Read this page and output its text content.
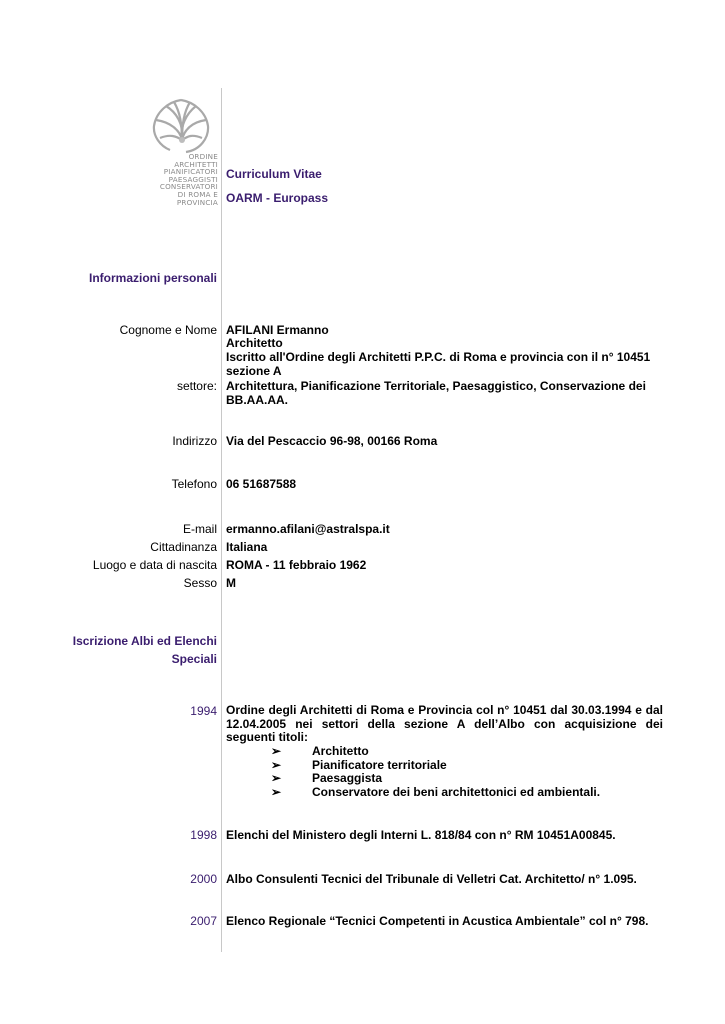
ORDINE
ARCHITETTI
PIANIFICATORI
PAESAGGISTI
CONSERVATORI
DI ROMA E
PROVINCIA
Curriculum Vitae
OARM - Europass
Informazioni personali
Cognome e Nome AFILANI Ermanno
Architetto
Iscritto all'Ordine degli Architetti P.P.C. di Roma e provincia con il n° 10451
sezione A
settore: Architettura, Pianificazione Territoriale, Paesaggistico, Conservazione dei
BB.AA.AA.
Indirizzo Via del Pescaccio 96-98, 00166 Roma
Telefono 06 51687588
E-mail ermanno.afilani@astralspa.it
Cittadinanza Italiana
Luogo e data di nascita ROMA - 11 febbraio 1962
Sesso M
Iscrizione Albi ed Elenchi
Speciali
1994 Ordine degli Architetti di Roma e Provincia col n° 10451 dal 30.03.1994 e dal 12.04.2005 nei settori della sezione A dell’Albo con acquisizione dei seguenti titoli:
➢	Architetto
➢	Pianificatore territoriale
➢	Paesaggista
➢	Conservatore dei beni architettonici ed ambientali.
1998 Elenchi del Ministero degli Interni L. 818/84 con n° RM 10451A00845.
2000 Albo Consulenti Tecnici del Tribunale di Velletri Cat. Architetto/ n° 1.095.
2007 Elenco Regionale “Tecnici Competenti in Acustica Ambientale” col n° 798.
